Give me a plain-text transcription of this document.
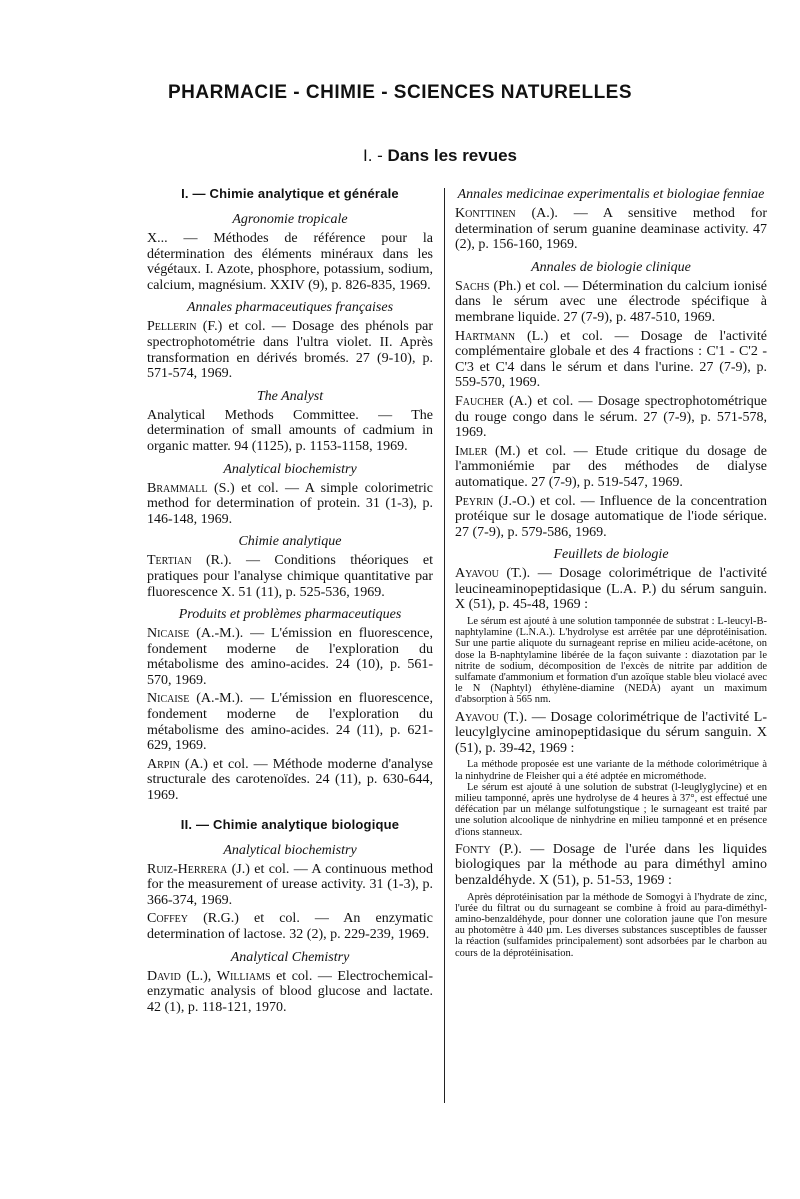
PHARMACIE - CHIMIE - SCIENCES NATURELLES
I. - Dans les revues
I. — Chimie analytique et générale
Agronomie tropicale
X... — Méthodes de référence pour la détermination des éléments minéraux dans les végétaux. I. Azote, phosphore, potassium, sodium, calcium, magnésium. XXIV (9), p. 826-835, 1969.
Annales pharmaceutiques françaises
Pellerin (F.) et col. — Dosage des phénols par spectrophotométrie dans l'ultra violet. II. Après transformation en dérivés bromés. 27 (9-10), p. 571-574, 1969.
The Analyst
Analytical Methods Committee. — The determination of small amounts of cadmium in organic matter. 94 (1125), p. 1153-1158, 1969.
Analytical biochemistry
Brammall (S.) et col. — A simple colorimetric method for determination of protein. 31 (1-3), p. 146-148, 1969.
Chimie analytique
Tertian (R.). — Conditions théoriques et pratiques pour l'analyse chimique quantitative par fluorescence X. 51 (11), p. 525-536, 1969.
Produits et problèmes pharmaceutiques
Nicaise (A.-M.). — L'émission en fluorescence, fondement moderne de l'exploration du métabolisme des amino-acides. 24 (10), p. 561-570, 1969.
Nicaise (A.-M.). — L'émission en fluorescence, fondement moderne de l'exploration du métabolisme des amino-acides. 24 (11), p. 621-629, 1969.
Arpin (A.) et col. — Méthode moderne d'analyse structurale des carotenoïdes. 24 (11), p. 630-644, 1969.
II. — Chimie analytique biologique
Analytical biochemistry
Ruiz-Herrera (J.) et col. — A continuous method for the measurement of urease activity. 31 (1-3), p. 366-374, 1969.
Coffey (R.G.) et col. — An enzymatic determination of lactose. 32 (2), p. 229-239, 1969.
Analytical Chemistry
David (L.), Williams et col. — Electrochemical-enzymatic analysis of blood glucose and lactate. 42 (1), p. 118-121, 1970.
Annales medicinae experimentalis et biologiae fenniae
Konttinen (A.). — A sensitive method for determination of serum guanine deaminase activity. 47 (2), p. 156-160, 1969.
Annales de biologie clinique
Sachs (Ph.) et col. — Détermination du calcium ionisé dans le sérum avec une électrode spécifique à membrane liquide. 27 (7-9), p. 487-510, 1969.
Hartmann (L.) et col. — Dosage de l'activité complémentaire globale et des 4 fractions : C'1 - C'2 - C'3 et C'4 dans le sérum et dans l'urine. 27 (7-9), p. 559-570, 1969.
Faucher (A.) et col. — Dosage spectrophotométrique du rouge congo dans le sérum. 27 (7-9), p. 571-578, 1969.
Imler (M.) et col. — Etude critique du dosage de l'ammoniémie par des méthodes de dialyse automatique. 27 (7-9), p. 519-547, 1969.
Peyrin (J.-O.) et col. — Influence de la concentration protéique sur le dosage automatique de l'iode sérique. 27 (7-9), p. 579-586, 1969.
Feuillets de biologie
Ayavou (T.). — Dosage colorimétrique de l'activité leucineaminopeptidasique (L.A. P.) du sérum sanguin. X (51), p. 45-48, 1969 :

Le sérum est ajouté à une solution tamponnée de substrat : L-leucyl-B-naphtylamine (L.N.A.). L'hydrolyse est arrêtée par une déprotéinisation. Sur une partie aliquote du surnageant reprise en milieu acide-acétone, on dose la B-naphtylamine libérée de la façon suivante : diazotation par le nitrite de sodium, décomposition de l'excès de nitrite par addition de sulfamate d'ammonium et formation d'un azoïque stable bleu violacé avec le N (Naphtyl) éthylène-diamine (NEDA) ayant un maximum d'absorption à 565 nm.

Ayavou (T.). — Dosage colorimétrique de l'activité L-leucylglycine aminopeptidasique du sérum sanguin. X (51), p. 39-42, 1969 :

La méthode proposée est une variante de la méthode colorimétrique à la ninhydrine de Fleisher qui a été adptée en microméthode.

Le sérum est ajouté à une solution de substrat (l-leuglyglycine) et en milieu tamponné, après une hydrolyse de 4 heures à 37°, est effectué une défécation par un mélange sulfotungstique ; le surnageant est traité par une solution alcoolique de ninhydrine en milieu tamponné et en présence d'ions stanneux.

Fonty (P.). — Dosage de l'urée dans les liquides biologiques par la méthode au para diméthyl amino benzaldéhyde. X (51), p. 51-53, 1969 :

Après déprotéinisation par la méthode de Somogyi à l'hydrate de zinc, l'urée du filtrat ou du surnageant se combine à froid au para-diméthyl-amino-benzaldéhyde, pour donner une coloration jaune que l'on mesure au photomètre à 440 µm. Les diverses substances susceptibles de fausser la réaction (sulfamides principalement) sont adsorbées par le charbon au cours de la déprotéinisation.
